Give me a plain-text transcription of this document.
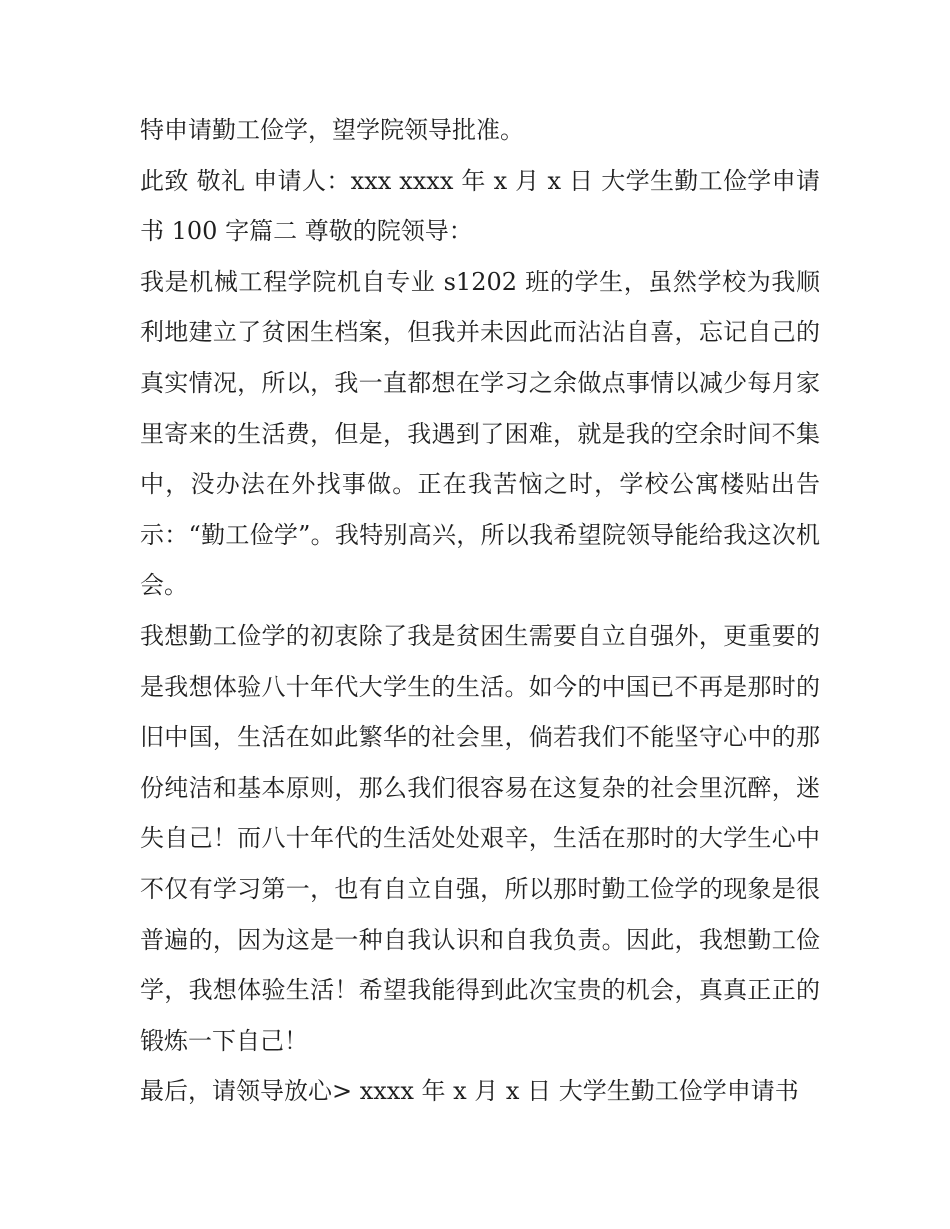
特申请勤工俭学，望学院领导批准。

此致 敬礼 申请人：xxx xxxx 年 x 月 x 日 大学生勤工俭学申请书 100 字篇二 尊敬的院领导：

我是机械工程学院机自专业 s1202 班的学生，虽然学校为我顺利地建立了贫困生档案，但我并未因此而沾沾自喜，忘记自己的真实情况，所以，我一直都想在学习之余做点事情以减少每月家里寄来的生活费，但是，我遇到了困难，就是我的空余时间不集中，没办法在外找事做。正在我苦恼之时，学校公寓楼贴出告示：“勤工俭学”。我特别高兴，所以我希望院领导能给我这次机会。

我想勤工俭学的初衷除了我是贫困生需要自立自强外，更重要的是我想体验八十年代大学生的生活。如今的中国已不再是那时的旧中国，生活在如此繁华的社会里，倘若我们不能坚守心中的那份纯洁和基本原则，那么我们很容易在这复杂的社会里沉醉，迷失自己！而八十年代的生活处处艰辛，生活在那时的大学生心中不仅有学习第一，也有自立自强，所以那时勤工俭学的现象是很普遍的，因为这是一种自我认识和自我负责。因此，我想勤工俭学，我想体验生活！希望我能得到此次宝贵的机会，真真正正的锻炼一下自己！

最后，请领导放心> xxxx 年 x 月 x 日 大学生勤工俭学申请书
